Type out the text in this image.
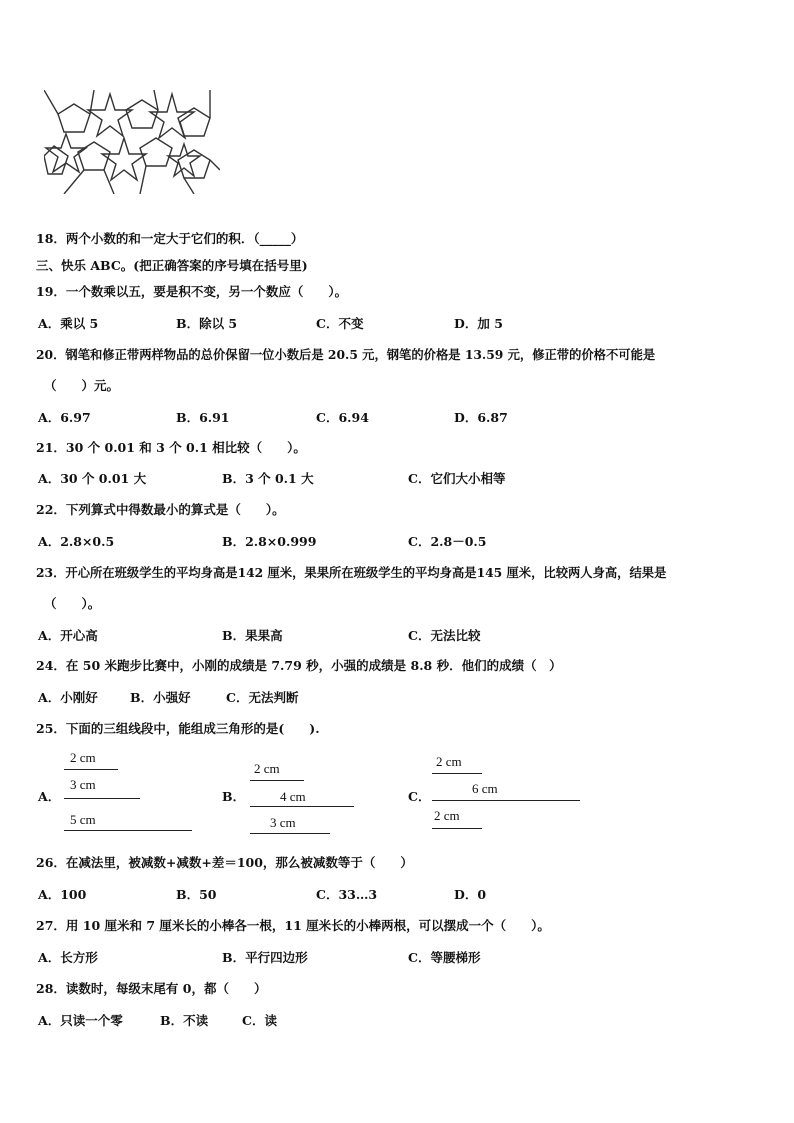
18．两个小数的和一定大于它们的积．（_____）
三、快乐 ABC。(把正确答案的序号填在括号里)
19．一个数乘以五，要是积不变，另一个数应（　　）。
A．乘以 5	B．除以 5	C．不变	D．加 5
20．钢笔和修正带两样物品的总价保留一位小数后是 20.5 元，钢笔的价格是 13.59 元，修正带的价格不可能是
（　　）元。
A．6.97	B．6.91	C．6.94	D．6.87
21．30 个 0.01 和 3 个 0.1 相比较（　　）。
A．30 个 0.01 大	B．3 个 0.1 大	C．它们大小相等
22．下列算式中得数最小的算式是（　　）。
A．2.8×0.5	B．2.8×0.999	C．2.8－0.5
23．开心所在班级学生的平均身高是142 厘米，果果所在班级学生的平均身高是145 厘米，比较两人身高，结果是
（　　）。
A．开心高	B．果果高	C．无法比较
24．在 50 米跑步比赛中，小刚的成绩是 7.79 秒，小强的成绩是 8.8 秒．他们的成绩（　）
A．小刚好	B．小强好	C．无法判断
25．下面的三组线段中，能组成三角形的是(　　).
A．	B．	C．
2 cm
3 cm
5 cm
2 cm
4 cm
3 cm
2 cm
6 cm
2 cm
26．在减法里，被减数+减数+差＝100，那么被减数等于（　　）
A．100	B．50	C．33…3	D．0
27．用 10 厘米和 7 厘米长的小棒各一根，11 厘米长的小棒两根，可以摆成一个（　　）。
A．长方形	B．平行四边形	C．等腰梯形
28．读数时，每级末尾有 0，都（　　）
A．只读一个零	B．不读	C．读
